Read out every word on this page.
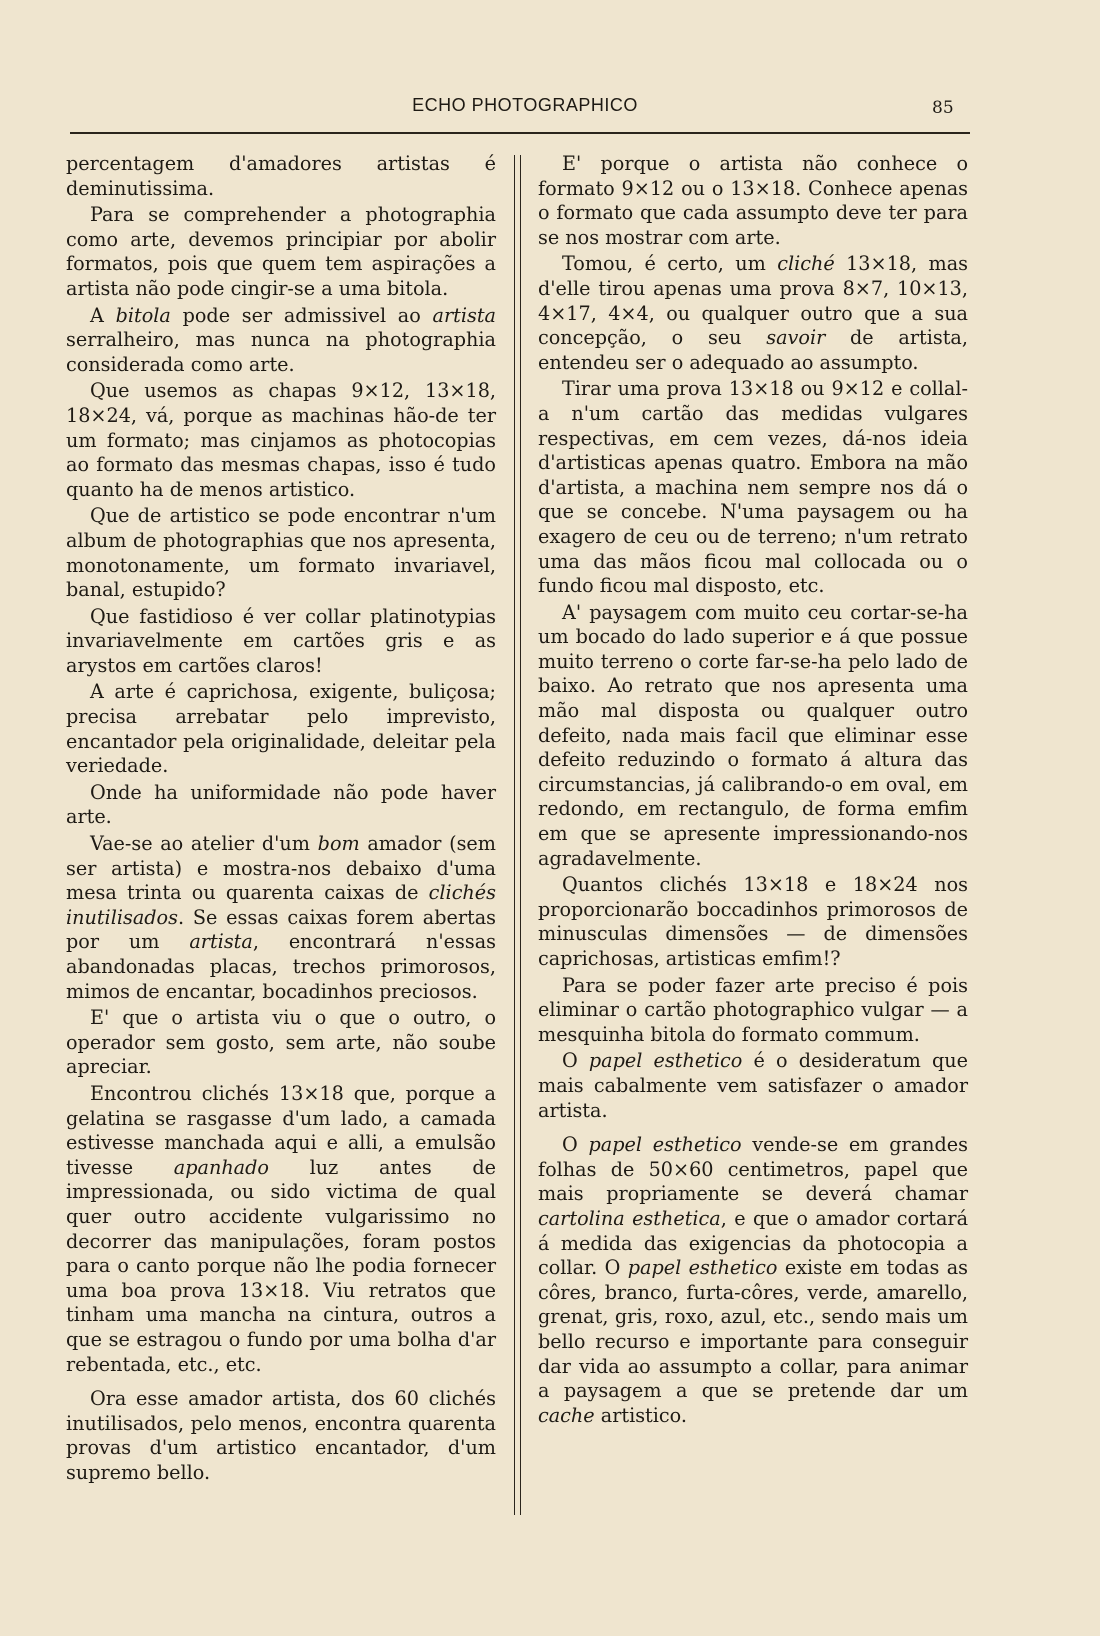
ECHO PHOTOGRAPHICO	85

percentagem d'amadores artistas é deminutissima.

Para se comprehender a photographia como arte, devemos principiar por abolir formatos, pois que quem tem aspirações a artista não pode cingir-se a uma bitola.

A bitola pode ser admissivel ao artista serralheiro, mas nunca na photographia considerada como arte.

Que usemos as chapas 9×12, 13×18, 18×24, vá, porque as machinas hão-de ter um formato; mas cinjamos as photocopias ao formato das mesmas chapas, isso é tudo quanto ha de menos artistico.

Que de artistico se pode encontrar n'um album de photographias que nos apresenta, monotonamente, um formato invariavel, banal, estupido?

Que fastidioso é ver collar platinotypias invariavelmente em cartões gris e as arystos em cartões claros!

A arte é caprichosa, exigente, buliçosa; precisa arrebatar pelo imprevisto, encantador pela originalidade, deleitar pela veriedade.

Onde ha uniformidade não pode haver arte.

Vae-se ao atelier d'um bom amador (sem ser artista) e mostra-nos debaixo d'uma mesa trinta ou quarenta caixas de clichés inutilisados. Se essas caixas forem abertas por um artista, encontrará n'essas abandonadas placas, trechos primorosos, mimos de encantar, bocadinhos preciosos.

E' que o artista viu o que o outro, o operador sem gosto, sem arte, não soube apreciar.

Encontrou clichés 13×18 que, porque a gelatina se rasgasse d'um lado, a camada estivesse manchada aqui e alli, a emulsão tivesse apanhado luz antes de impressionada, ou sido victima de qual quer outro accidente vulgarissimo no decorrer das manipulações, foram postos para o canto porque não lhe podia fornecer uma boa prova 13×18. Viu retratos que tinham uma mancha na cintura, outros a que se estragou o fundo por uma bolha d'ar rebentada, etc., etc.

Ora esse amador artista, dos 60 clichés inutilisados, pelo menos, encontra quarenta provas d'um artistico encantador, d'um supremo bello.

E' porque o artista não conhece o formato 9×12 ou o 13×18. Conhece apenas o formato que cada assumpto deve ter para se nos mostrar com arte.

Tomou, é certo, um cliché 13×18, mas d'elle tirou apenas uma prova 8×7, 10×13, 4×17, 4×4, ou qualquer outro que a sua concepção, o seu savoir de artista, entendeu ser o adequado ao assumpto.

Tirar uma prova 13×18 ou 9×12 e collal-a n'um cartão das medidas vulgares respectivas, em cem vezes, dá-nos ideia d'artisticas apenas quatro. Embora na mão d'artista, a machina nem sempre nos dá o que se concebe. N'uma paysagem ou ha exagero de ceu ou de terreno; n'um retrato uma das mãos ficou mal collocada ou o fundo ficou mal disposto, etc.

A' paysagem com muito ceu cortar-se-ha um bocado do lado superior e á que possue muito terreno o corte far-se-ha pelo lado de baixo. Ao retrato que nos apresenta uma mão mal disposta ou qualquer outro defeito, nada mais facil que eliminar esse defeito reduzindo o formato á altura das circumstancias, já calibrando-o em oval, em redondo, em rectangulo, de forma emfim em que se apresente impressionando-nos agradavelmente.

Quantos clichés 13×18 e 18×24 nos proporcionarão boccadinhos primorosos de minusculas dimensões — de dimensões caprichosas, artisticas emfim!?

Para se poder fazer arte preciso é pois eliminar o cartão photographico vulgar — a mesquinha bitola do formato commum.

O papel esthetico é o desideratum que mais cabalmente vem satisfazer o amador artista.

O papel esthetico vende-se em grandes folhas de 50×60 centimetros, papel que mais propriamente se deverá chamar cartolina esthetica, e que o amador cortará á medida das exigencias da photocopia a collar. O papel esthetico existe em todas as côres, branco, furta-côres, verde, amarello, grenat, gris, roxo, azul, etc., sendo mais um bello recurso e importante para conseguir dar vida ao assumpto a collar, para animar a paysagem a que se pretende dar um cache artistico.
